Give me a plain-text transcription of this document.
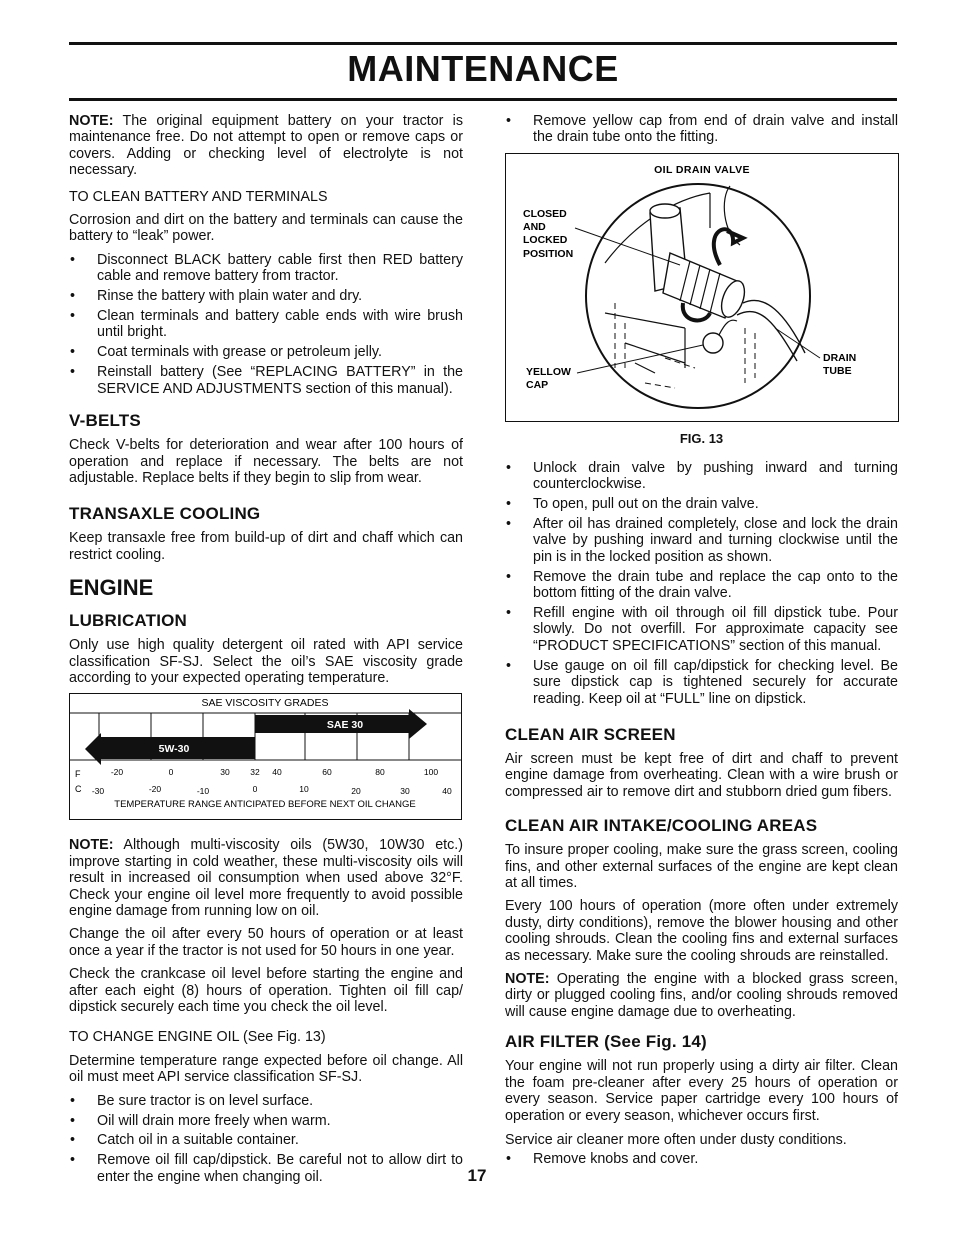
MAINTENANCE

NOTE: The original equipment battery on your tractor is maintenance free. Do not attempt to open or remove caps or covers. Adding or checking level of electrolyte is not necessary.

TO CLEAN BATTERY AND TERMINALS

Corrosion and dirt on the battery and terminals can cause the battery to “leak” power.

• Disconnect BLACK battery cable first then RED battery cable and remove battery from tractor.
• Rinse the battery with plain water and dry.
• Clean terminals and battery cable ends with wire brush until bright.
• Coat terminals with grease or petroleum jelly.
• Reinstall battery (See “REPLACING BATTERY” in the SERVICE AND ADJUSTMENTS section of this manual).
V-BELTS

Check V-belts for deterioration and wear after 100 hours of operation and replace if necessary. The belts are not adjustable. Replace belts if they begin to slip from wear.

TRANSAXLE COOLING

Keep transaxle free from build-up of dirt and chaff which can restrict cooling.

ENGINE
LUBRICATION

Only use high quality detergent oil rated with API service classification SF-SJ. Select the oil’s SAE viscosity grade according to your expected operating temperature.

SAE VISCOSITY GRADES
SAE 30
5W-30
F	-20	0	30 32 40	60	80	100
C -30	-20	-10	0	10	20	30	40
TEMPERATURE RANGE ANTICIPATED BEFORE NEXT OIL CHANGE

NOTE: Although multi-viscosity oils (5W30, 10W30 etc.) improve starting in cold weather, these multi-viscosity oils will result in increased oil consumption when used above 32°F. Check your engine oil level more frequently to avoid possible engine damage from running low on oil.

Change the oil after every 50 hours of operation or at least once a year if the tractor is not used for 50 hours in one year.

Check the crankcase oil level before starting the engine and after each eight (8) hours of operation. Tighten oil fill cap/ dipstick securely each time you check the oil level.

TO CHANGE ENGINE OIL (See Fig. 13)

Determine temperature range expected before oil change. All oil must meet API service classification SF-SJ.

• Be sure tractor is on level surface.
• Oil will drain more freely when warm.
• Catch oil in a suitable container.
• Remove oil fill cap/dipstick. Be careful not to allow dirt to enter the engine when changing oil.
• Remove yellow cap from end of drain valve and install the drain tube onto the fitting.
OIL DRAIN VALVE
CLOSED
AND
LOCKED
POSITION
DRAIN
TUBE
YELLOW
CAP
FIG. 13
• Unlock drain valve by pushing inward and turning counterclockwise.
• To open, pull out on the drain valve.
• After oil has drained completely, close and lock the drain valve by pushing inward and turning clockwise until the pin is in the locked position as shown.
• Remove the drain tube and replace the cap onto to the bottom fitting of the drain valve.
• Refill engine with oil through oil fill dipstick tube. Pour slowly. Do not overfill. For approximate capacity see “PRODUCT SPECIFICATIONS” section of this manual.
• Use gauge on oil fill cap/dipstick for checking level. Be sure dipstick cap is tightened securely for accurate reading. Keep oil at “FULL” line on dipstick.
CLEAN AIR SCREEN

Air screen must be kept free of dirt and chaff to prevent engine damage from overheating. Clean with a wire brush or compressed air to remove dirt and stubborn dried gum fibers.

CLEAN AIR INTAKE/COOLING AREAS

To insure proper cooling, make sure the grass screen, cooling fins, and other external surfaces of the engine are kept clean at all times.

Every 100 hours of operation (more often under extremely dusty, dirty conditions), remove the blower housing and other cooling shrouds. Clean the cooling fins and external surfaces as necessary. Make sure the cooling shrouds are reinstalled.

NOTE: Operating the engine with a blocked grass screen, dirty or plugged cooling fins, and/or cooling shrouds removed will cause engine damage due to overheating.

AIR FILTER (See Fig. 14)

Your engine will not run properly using a dirty air filter. Clean the foam pre-cleaner after every 25 hours of operation or every season. Service paper cartridge every 100 hours of operation or every season, whichever occurs first.

Service air cleaner more often under dusty conditions.

• Remove knobs and cover.
17
